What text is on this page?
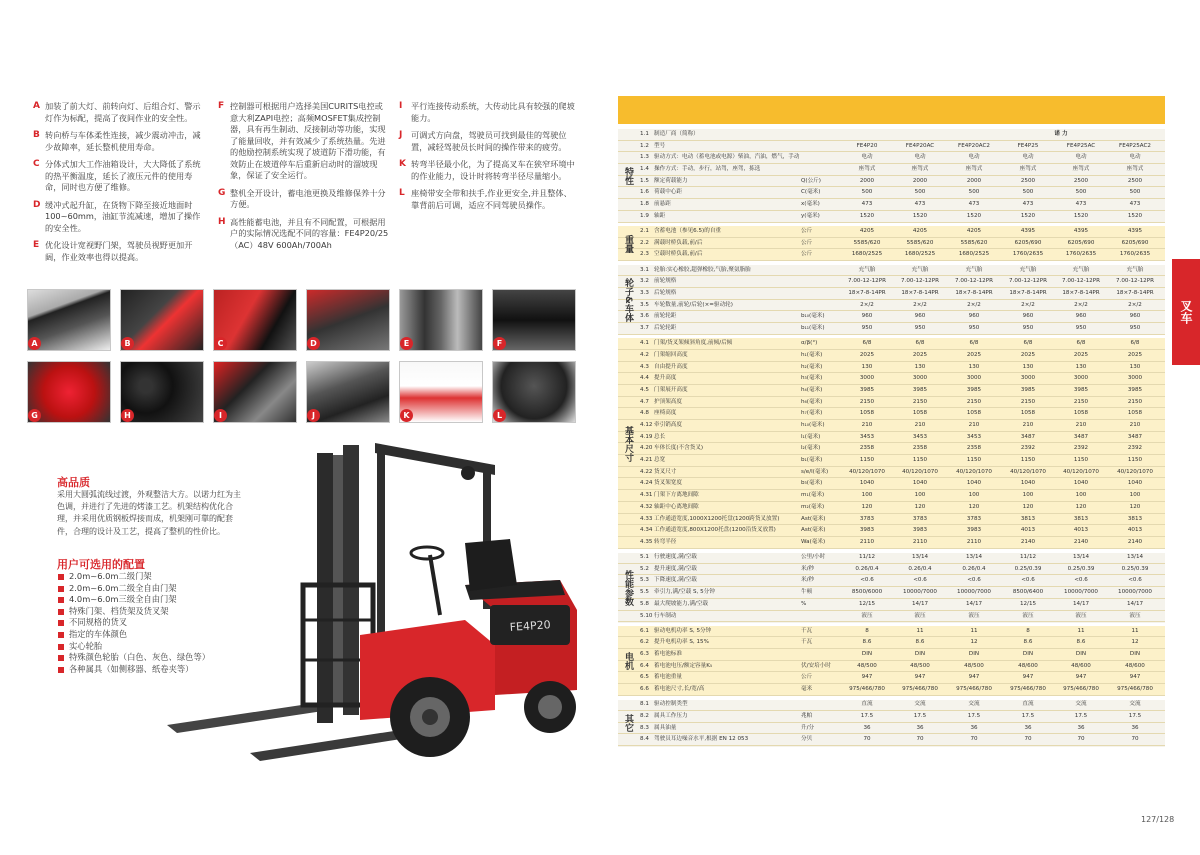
A 加装了前大灯、前转向灯、后组合灯、警示灯作为标配，提高了夜间作业的安全性。
B 转向桥与车体柔性连接，减少震动冲击，减少故障率，延长整机使用寿命。
C 分体式加大工作油箱设计，大大降低了系统的热平衡温度，延长了液压元件的使用寿命，同时也方便了维修。
D 缓冲式起升缸，在货物下降至接近地面时100~60mm，油缸节流减速，增加了操作的安全性。
E 优化设计宽视野门架，驾驶员视野更加开阔，作业效率也得以提高。
F 控制器可根据用户选择美国CURITS电控或意大利ZAPI电控；高频MOSFET集成控制器，具有再生制动、反接制动等功能，实现了能量回收，并有效减少了系统热量。先进的他励控制系统实现了坡道防下滑功能，有效防止在坡道停车后重新启动时的溜坡现象，保证了安全运行。
G 整机全开设计，蓄电池更换及维修保养十分方便。
H 高性能蓄电池，并且有不同配置，可根据用户的实际情况选配不同的容量：FE4P20/25（AC）48V 600Ah/700Ah
I	平行连接传动系统，大传动比具有较强的爬坡能力。
J	可调式方向盘，驾驶员可找到最佳的驾驶位置，减轻驾驶员长时间的操作带来的疲劳。
K 转弯半径最小化，为了提高叉车在狭窄环境中的作业能力，设计时将转弯半径尽量缩小。
L 座椅带安全带和扶手,作业更安全,并且整体、靠背前后可调，适应不同驾驶员操作。
A	B	C	D	E	F
G	H	I	J	K	L
高品质
采用大圆弧流线过渡，外观整洁大方。以诺力红为主色调，并进行了先进的烤漆工艺。机架结构优化合理，并采用优质钢板焊接而成，机架刚可靠的配套件，合理的设计及工艺，提高了整机的性价比。
用户可选用的配置
2.0m~6.0m二级门架
2.0m~6.0m二级全自由门架
4.0m~6.0m三级全自由门架
特殊门架、档货架及货叉架
不同规格的货叉
指定的车体颜色
实心轮胎
特殊颜色轮胎（白色、灰色、绿色等）
各种属具（如侧移器、纸卷夹等）
FE4P20
1.1 制造厂商（简称）	诺 力
1.2 型号	FE4P20	FE4P20AC	FE4P20AC2	FE4P25	FE4P25AC	FE4P25AC2
1.3 驱动方式：电动（蓄电池或电源）柴油，汽油，燃气，手动	电动	电动	电动	电动	电动	电动
1.4 操作方式：手动，步行，站驾，座驾，拣选	座驾式	座驾式	座驾式	座驾式	座驾式	座驾式
1.5 额定荷载能力	Q(公斤)	2000	2000	2000	2500	2500	2500
1.6 荷载中心距	C(毫米)	500	500	500	500	500	500
1.8 前悬距	x(毫米)	473	473	473	473	473	473
1.9 轴距	y(毫米)	1520	1520	1520	1520	1520	1520
2.1 含蓄电池（参见6.5)的自重	公斤	4205	4205	4205	4395	4395	4395
2.2 满载时桥负载,前/后	公斤	5585/620	5585/620	5585/620	6205/690	6205/690	6205/690
2.3 空载时桥负载,前/后	公斤	1680/2525	1680/2525	1680/2525	1760/2635	1760/2635	1760/2635
3.1 轮胎:实心橡胶,超弹橡胶,气胎,聚氨脂胎	充气胎	充气胎	充气胎	充气胎	充气胎	充气胎
3.2 前轮规格	7.00-12-12PR	7.00-12-12PR	7.00-12-12PR	7.00-12-12PR	7.00-12-12PR	7.00-12-12PR
3.3 后轮规格	18×7-8-14PR	18×7-8-14PR	18×7-8-14PR	18×7-8-14PR	18×7-8-14PR	18×7-8-14PR
3.5 车轮数量,前轮/后轮(×=驱动轮)	2×/2	2×/2	2×/2	2×/2	2×/2	2×/2
3.6 前轮轮距	b₁₀(毫米)	960	960	960	960	960	960
3.7 后轮轮距	b₁₁(毫米)	950	950	950	950	950	950
4.1 门架/货叉架倾斜角度,前倾/后倾	α/β(°)	6/8	6/8	6/8	6/8	6/8	6/8
4.2 门架缩回高度	h₁(毫米)	2025	2025	2025	2025	2025	2025
4.3 自由提升高度	h₂(毫米)	130	130	130	130	130	130
4.4 提升高度	h₃(毫米)	3000	3000	3000	3000	3000	3000
4.5 门架展开高度	h₄(毫米)	3985	3985	3985	3985	3985	3985
4.7 护顶架高度	h₆(毫米)	2150	2150	2150	2150	2150	2150
4.8 座椅高度	h₇(毫米)	1058	1058	1058	1058	1058	1058
4.12 牵引销高度	h₁₀(毫米)	210	210	210	210	210	210
4.19 总长	l₁(毫米)	3453	3453	3453	3487	3487	3487
4.20 车体长度(不含货叉)	l₂(毫米)	2358	2358	2358	2392	2392	2392
4.21 总宽	b₁(毫米)	1150	1150	1150	1150	1150	1150
4.22 货叉尺寸	s/e/l(毫米)	40/120/1070	40/120/1070	40/120/1070	40/120/1070	40/120/1070	40/120/1070
4.24 货叉架宽度	b₃(毫米)	1040	1040	1040	1040	1040	1040
4.31 门架下方离地间隙	m₁(毫米)	100	100	100	100	100	100
4.32 轴距中心离地间隙	m₂(毫米)	120	120	120	120	120	120
4.33 工作通道宽度,1000X1200托盘(1200跨货叉放置)	Ast(毫米)	3783	3783	3783	3813	3813	3813
4.34 工作通道宽度,800X1200托盘(1200沿货叉放置)	Ast(毫米)	3983	3983	3983	4013	4013	4013
4.35 转弯半径	Wa(毫米)	2110	2110	2110	2140	2140	2140
5.1 行驶速度,满/空载	公里/小时	11/12	13/14	13/14	11/12	13/14	13/14
5.2 提升速度,满/空载	米/秒	0.26/0.4	0.26/0.4	0.26/0.4	0.25/0.39	0.25/0.39	0.25/0.39
5.3 下降速度,满/空载	米/秒	<0.6	<0.6	<0.6	<0.6	<0.6	<0.6
5.5 牵引力,满/空载 S, 5分钟	牛顿	8500/6000	10000/7000	10000/7000	8500/6400	10000/7000	10000/7000
5.8 最大爬坡能力,满/空载	%	12/15	14/17	14/17	12/15	14/17	14/17
5.10 行车制动	液压	液压	液压	液压	液压	液压
6.1 驱动电机功率 S, 5分钟	千瓦	8	11	11	8	11	11
6.2 提升电机功率 S, 15%	千瓦	8.6	8.6	12	8.6	8.6	12
6.3 蓄电池标准	DIN	DIN	DIN	DIN	DIN	DIN
6.4 蓄电池电压/额定容量K₅	伏/安培小时	48/500	48/500	48/500	48/600	48/600	48/600
6.5 蓄电池重量	公斤	947	947	947	947	947	947
6.6 蓄电池尺寸,长/宽/高	毫米	975/466/780	975/466/780	975/466/780	975/466/780	975/466/780	975/466/780
8.1 驱动控制类型	直流	交流	交流	直流	交流	交流
8.2 属具工作压力	兆帕	17.5	17.5	17.5	17.5	17.5	17.5
8.3 属具油量	升/分	36	36	36	36	36	36
8.4 驾驶员耳边噪音水平,根据 EN 12 053	分贝	70	70	70	70	70	70
特性
重量
轮子&车体
基本尺寸
性能参数
电机
其它
叉车
127/128
